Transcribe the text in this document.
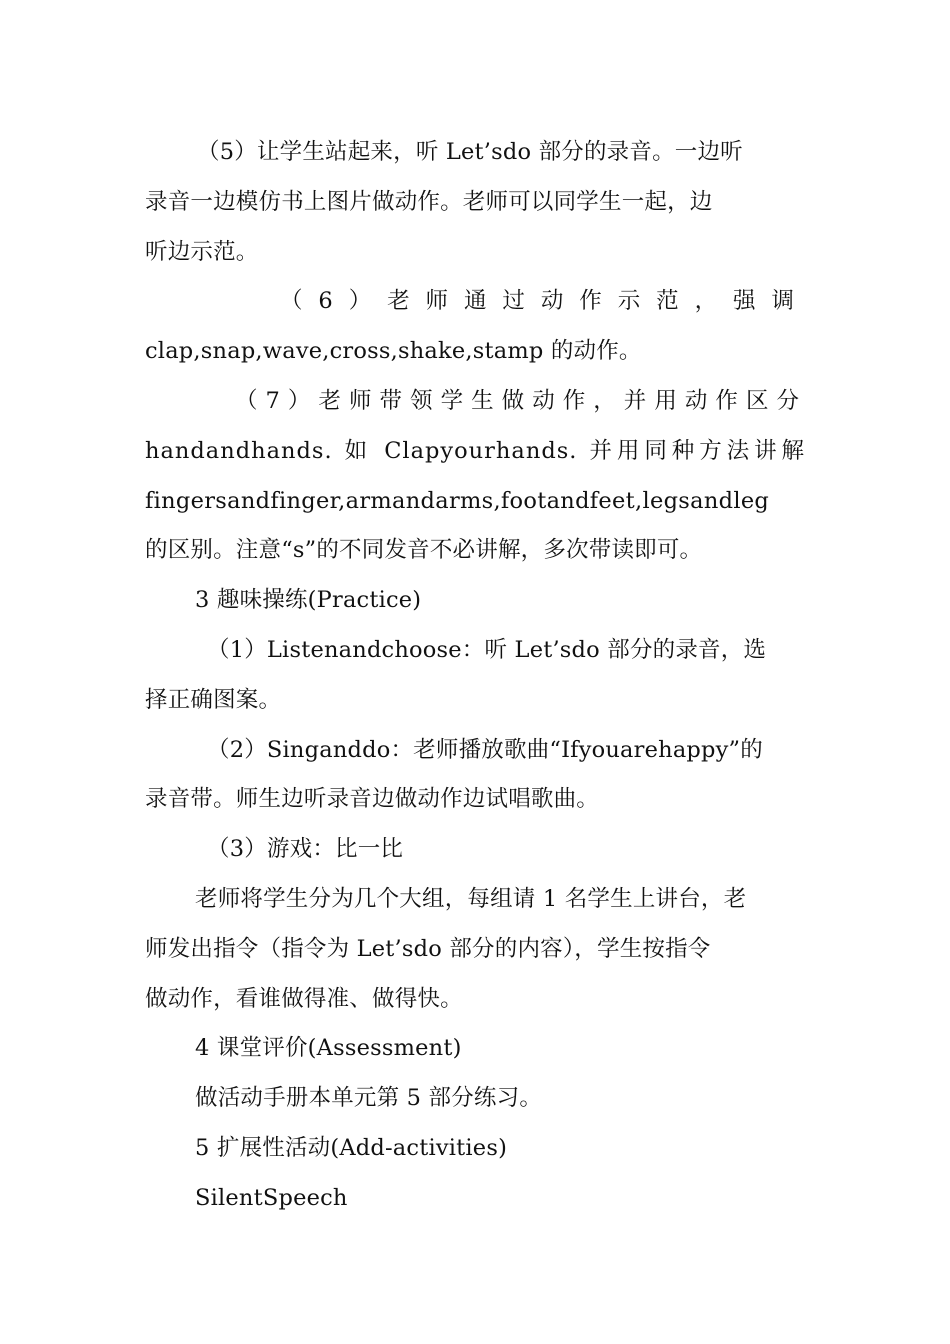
（5）让学生站起来，听 Let’sdo 部分的录音。一边听
录音一边模仿书上图片做动作。老师可以同学生一起，边
听边示范。
（6）老师通过动作示范，强调
clap,snap,wave,cross,shake,stamp 的动作。
（7）老师带领学生做动作，并用动作区分
handandhands. 如 Clapyourhands. 并用同种方法讲解
fingersandfinger,armandarms,footandfeet,legsandleg
的区别。注意“s”的不同发音不必讲解，多次带读即可。
3 趣味操练(Practice)
（1）Listenandchoose：听 Let’sdo 部分的录音，选
择正确图案。
（2）Singanddo：老师播放歌曲“Ifyouarehappy”的
录音带。师生边听录音边做动作边试唱歌曲。
（3）游戏：比一比
老师将学生分为几个大组，每组请 1 名学生上讲台，老
师发出指令（指令为 Let’sdo 部分的内容），学生按指令
做动作，看谁做得准、做得快。
4 课堂评价(Assessment)
做活动手册本单元第 5 部分练习。
5 扩展性活动(Add-activities)
SilentSpeech
